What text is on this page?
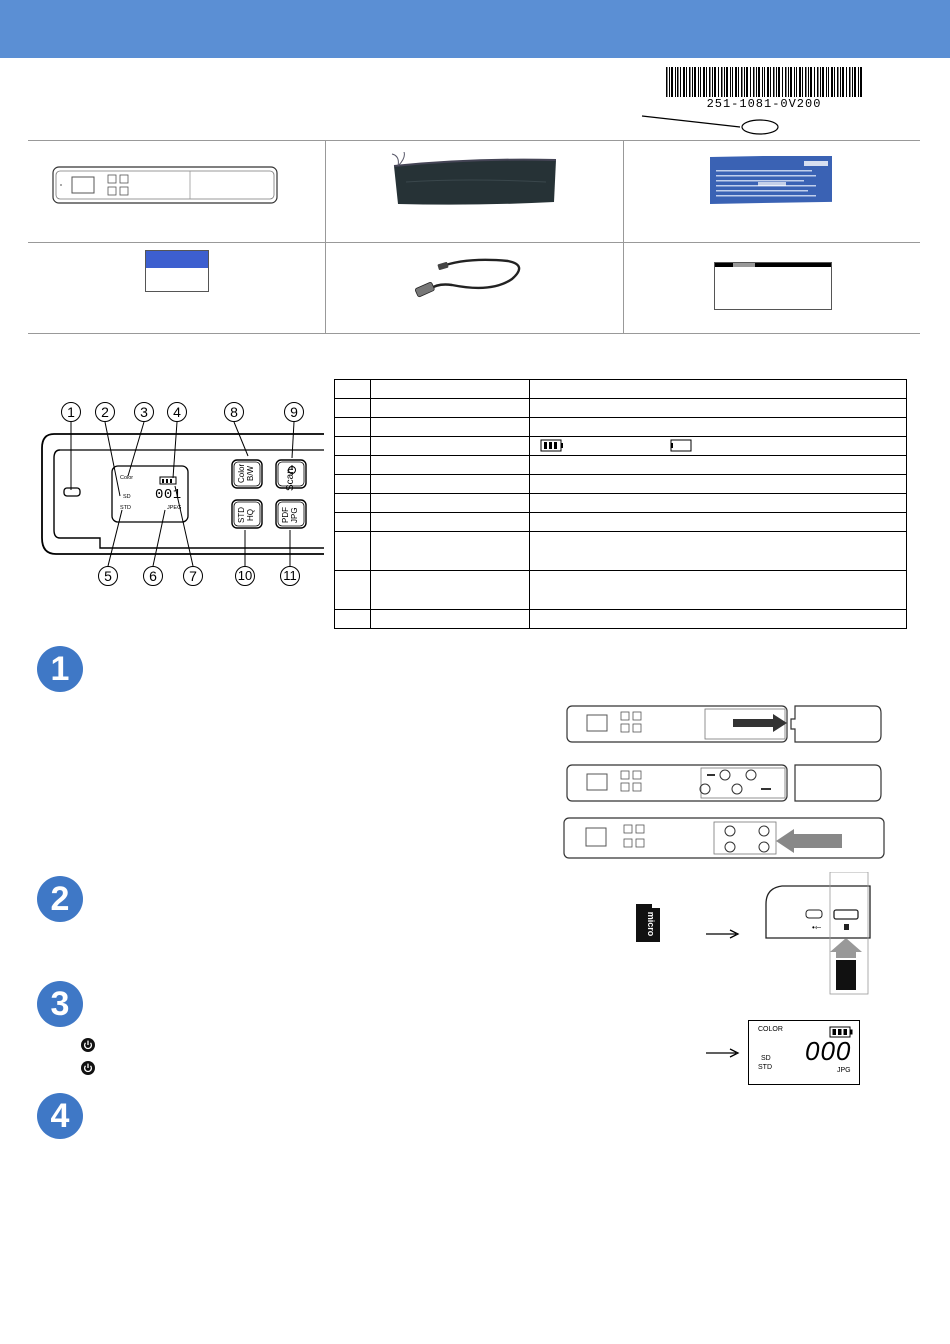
251-1081-0V200
Color
SD
STD
001
JPEG
Color
B/W	Scan
STD
HQ	PDF
JPG
1	2	3	4	8	9
5	6	7	10 11

1
2
3
4
micro	•⇽
COLOR
000
SD
STD	JPG
